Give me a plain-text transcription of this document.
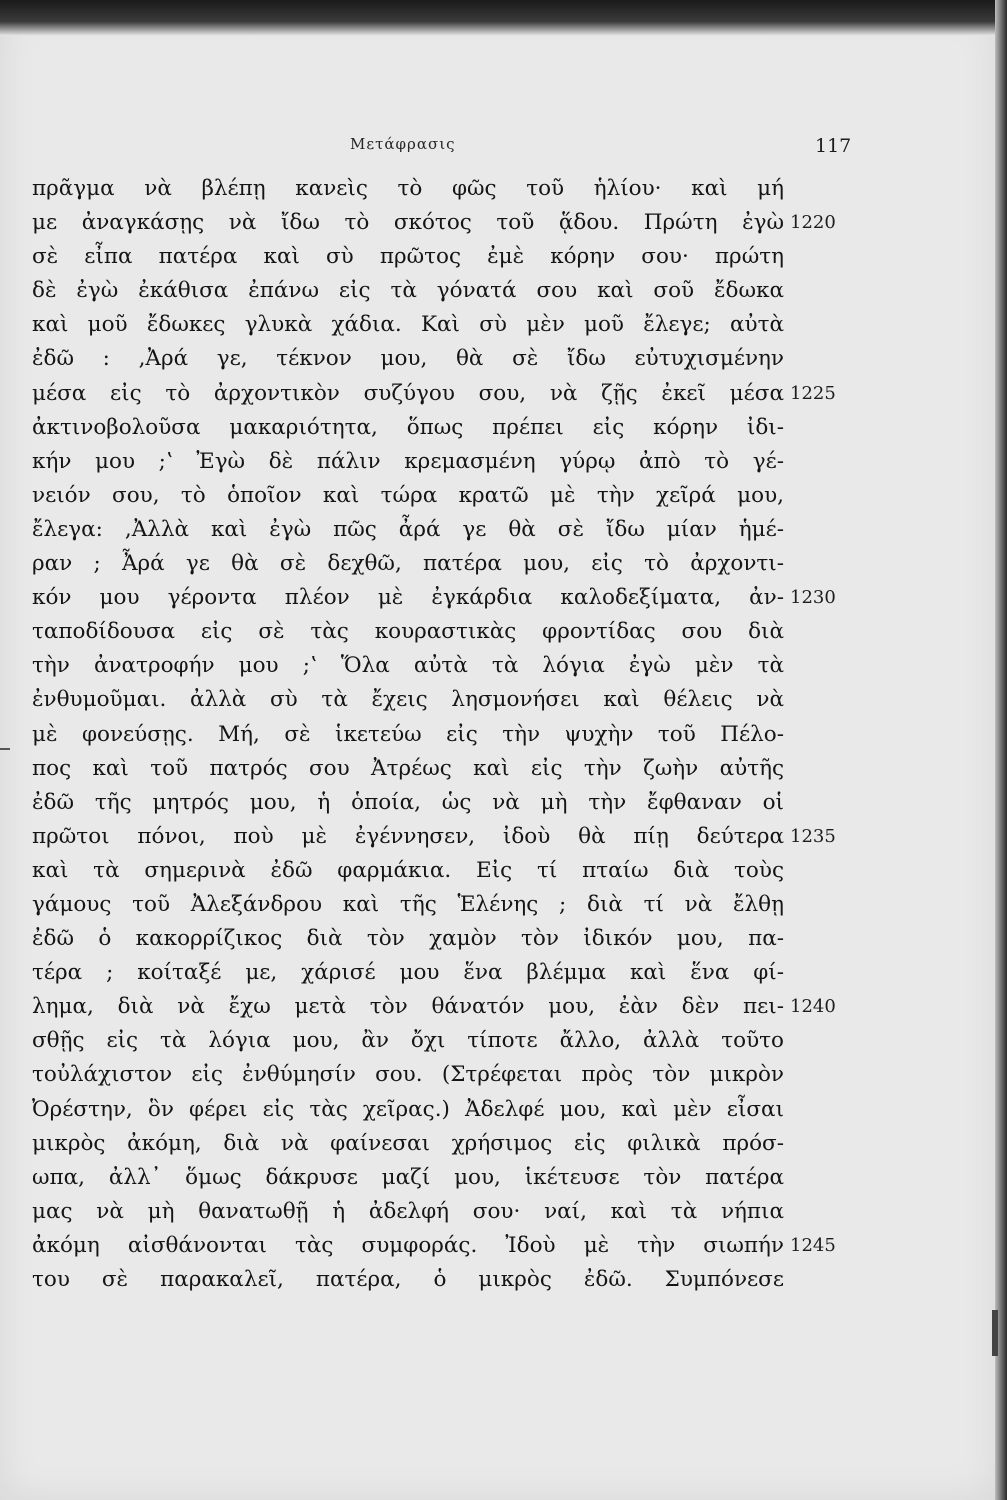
Μετάφρασις	117
πρᾶγμα νὰ βλέπῃ κανεὶς τὸ φῶς τοῦ ἡλίου· καὶ μή
με ἀναγκάσῃς νὰ ἴδω τὸ σκότος τοῦ ᾅδου. Πρώτη ἐγὼ 1220
σὲ εἶπα πατέρα καὶ σὺ πρῶτος ἐμὲ κόρην σου· πρώτη
δὲ ἐγὼ ἐκάθισα ἐπάνω εἰς τὰ γόνατά σου καὶ σοῦ ἔδωκα
καὶ μοῦ ἔδωκες γλυκὰ χάδια. Καὶ σὺ μὲν μοῦ ἔλεγε; αὐτὰ
ἐδῶ : ,Ἀρά γε, τέκνον μου, θὰ σὲ ἴδω εὐτυχισμένην
μέσα εἰς τὸ ἀρχοντικὸν συζύγου σου, νὰ ζῇς ἐκεῖ μέσα 1225
ἀκτινοβολοῦσα μακαριότητα, ὅπως πρέπει εἰς κόρην ἰδι-
κήν μου ;ʽ Ἐγὼ δὲ πάλιν κρεμασμένη γύρῳ ἀπὸ τὸ γέ-
νειόν σου, τὸ ὁποῖον καὶ τώρα κρατῶ μὲ τὴν χεῖρά μου,
ἔλεγα: ,Ἀλλὰ καὶ ἐγὼ πῶς ἆρά γε θὰ σὲ ἴδω μίαν ἡμέ-
ραν ; Ἆρά γε θὰ σὲ δεχθῶ, πατέρα μου, εἰς τὸ ἀρχοντι-
κόν μου γέροντα πλέον μὲ ἐγκάρδια καλοδεξίματα, ἀν- 1230
ταποδίδουσα εἰς σὲ τὰς κουραστικὰς φροντίδας σου διὰ
τὴν ἀνατροφήν μου ;ʽ Ὅλα αὐτὰ τὰ λόγια ἐγὼ μὲν τὰ
ἐνθυμοῦμαι. ἀλλὰ σὺ τὰ ἔχεις λησμονήσει καὶ θέλεις νὰ
μὲ φονεύσῃς. Μή, σὲ ἱκετεύω εἰς τὴν ψυχὴν τοῦ Πέλο-
πος καὶ τοῦ πατρός σου Ἀτρέως καὶ εἰς τὴν ζωὴν αὐτῆς
ἐδῶ τῆς μητρός μου, ἡ ὁποία, ὡς νὰ μὴ τὴν ἔφθαναν οἱ
πρῶτοι πόνοι, ποὺ μὲ ἐγέννησεν, ἰδοὺ θὰ πίῃ δεύτερα 1235
καὶ τὰ σημερινὰ ἐδῶ φαρμάκια. Εἰς τί πταίω διὰ τοὺς
γάμους τοῦ Ἀλεξάνδρου καὶ τῆς Ἑλένης ; διὰ τί νὰ ἔλθῃ
ἐδῶ ὁ κακορρίζικος διὰ τὸν χαμὸν τὸν ἰδικόν μου, πα-
τέρα ; κοίταξέ με, χάρισέ μου ἕνα βλέμμα καὶ ἕνα φί-
λημα, διὰ νὰ ἔχω μετὰ τὸν θάνατόν μου, ἐὰν δὲν πει- 1240
σθῇς εἰς τὰ λόγια μου, ἂν ὄχι τίποτε ἄλλο, ἀλλὰ τοῦτο
τοὐλάχιστον εἰς ἐνθύμησίν σου. (Στρέφεται πρὸς τὸν μικρὸν
Ὀρέστην, ὃν φέρει εἰς τὰς χεῖρας.) Ἀδελφέ μου, καὶ μὲν εἶσαι
μικρὸς ἀκόμη, διὰ νὰ φαίνεσαι χρήσιμος εἰς φιλικὰ πρόσ-
ωπα, ἀλλ᾽ ὅμως δάκρυσε μαζί μου, ἱκέτευσε τὸν πατέρα
μας νὰ μὴ θανατωθῇ ἡ ἀδελφή σου· ναί, καὶ τὰ νήπια
ἀκόμη αἰσθάνονται τὰς συμφοράς. Ἰδοὺ μὲ τὴν σιωπήν 1245
του σὲ παρακαλεῖ, πατέρα, ὁ μικρὸς ἐδῶ. Συμπόνεσε
